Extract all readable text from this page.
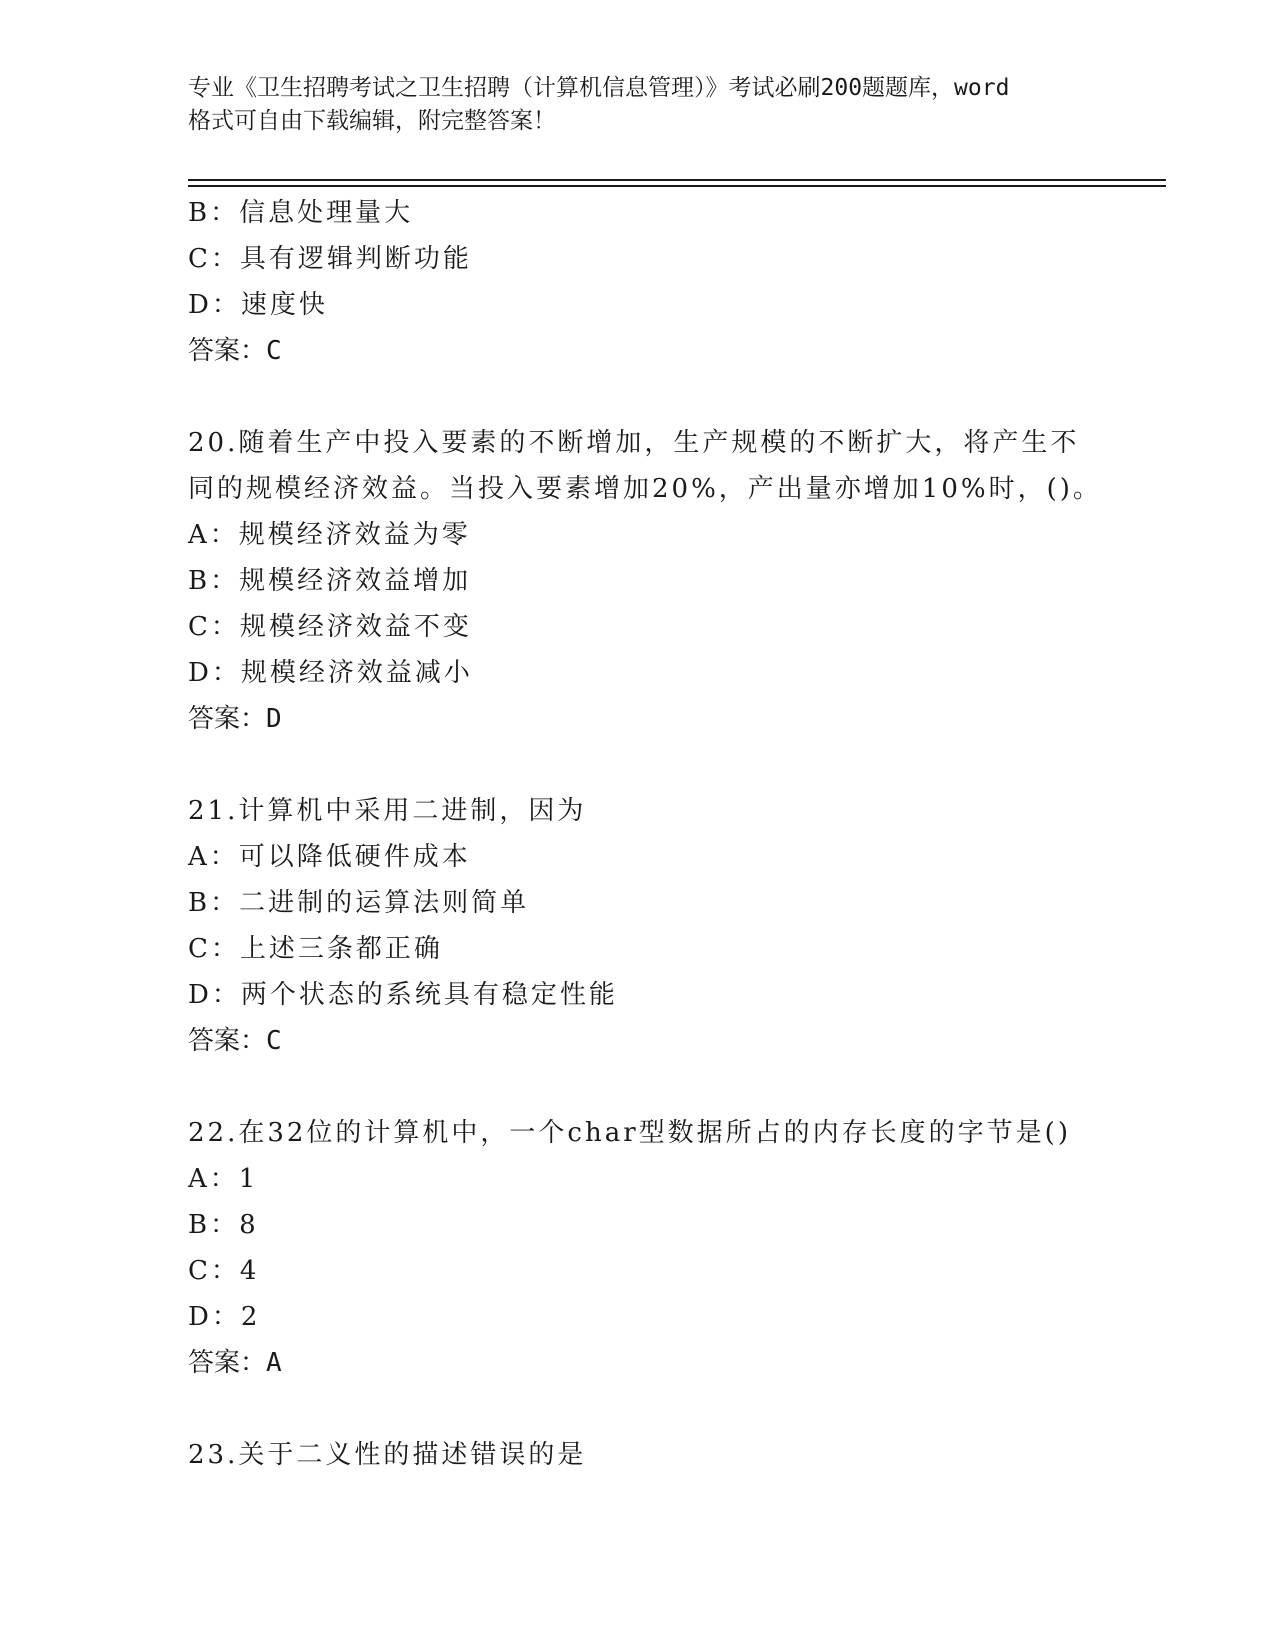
专业《卫生招聘考试之卫生招聘（计算机信息管理）》考试必刷200题题库，word
格式可自由下载编辑，附完整答案！
B：信息处理量大
C：具有逻辑判断功能
D：速度快
答案：C
20.随着生产中投入要素的不断增加，生产规模的不断扩大，将产生不
同的规模经济效益。当投入要素增加20%，产出量亦增加10%时，()。
A：规模经济效益为零
B：规模经济效益增加
C：规模经济效益不变
D：规模经济效益减小
答案：D
21.计算机中采用二进制，因为
A：可以降低硬件成本
B：二进制的运算法则简单
C：上述三条都正确
D：两个状态的系统具有稳定性能
答案：C
22.在32位的计算机中，一个char型数据所占的内存长度的字节是()
A：1
B：8
C：4
D：2
答案：A
23.关于二义性的描述错误的是
